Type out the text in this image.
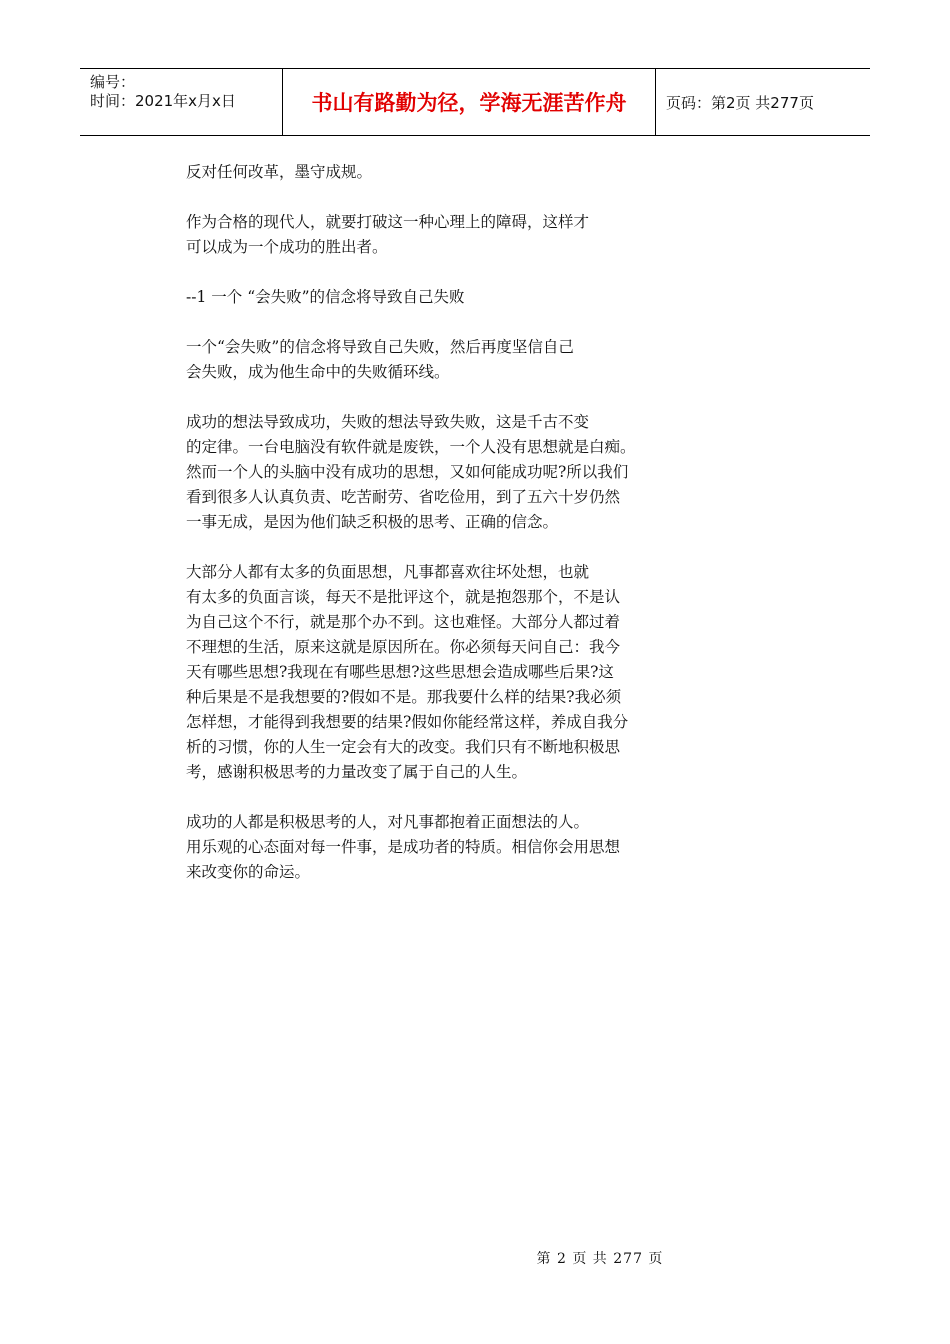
编号：
时间：2021年x月x日	书山有路勤为径，学海无涯苦作舟	页码：第2页 共277页
反对任何改革，墨守成规。
作为合格的现代人，就要打破这一种心理上的障碍，这样才
可以成为一个成功的胜出者。
--1 一个 “会失败”的信念将导致自己失败
一个“会失败”的信念将导致自己失败，然后再度坚信自己
会失败，成为他生命中的失败循环线。
成功的想法导致成功，失败的想法导致失败，这是千古不变
的定律。一台电脑没有软件就是废铁，一个人没有思想就是白痴。
然而一个人的头脑中没有成功的思想，又如何能成功呢?所以我们
看到很多人认真负责、吃苦耐劳、省吃俭用，到了五六十岁仍然
一事无成，是因为他们缺乏积极的思考、正确的信念。
大部分人都有太多的负面思想，凡事都喜欢往坏处想，也就
有太多的负面言谈，每天不是批评这个，就是抱怨那个，不是认
为自己这个不行，就是那个办不到。这也难怪。大部分人都过着
不理想的生活，原来这就是原因所在。你必须每天问自己：我今
天有哪些思想?我现在有哪些思想?这些思想会造成哪些后果?这
种后果是不是我想要的?假如不是。那我要什么样的结果?我必须
怎样想，才能得到我想要的结果?假如你能经常这样，养成自我分
析的习惯，你的人生一定会有大的改变。我们只有不断地积极思
考，感谢积极思考的力量改变了属于自己的人生。
成功的人都是积极思考的人，对凡事都抱着正面想法的人。
用乐观的心态面对每一件事，是成功者的特质。相信你会用思想
来改变你的命运。
第 2 页 共 277 页
